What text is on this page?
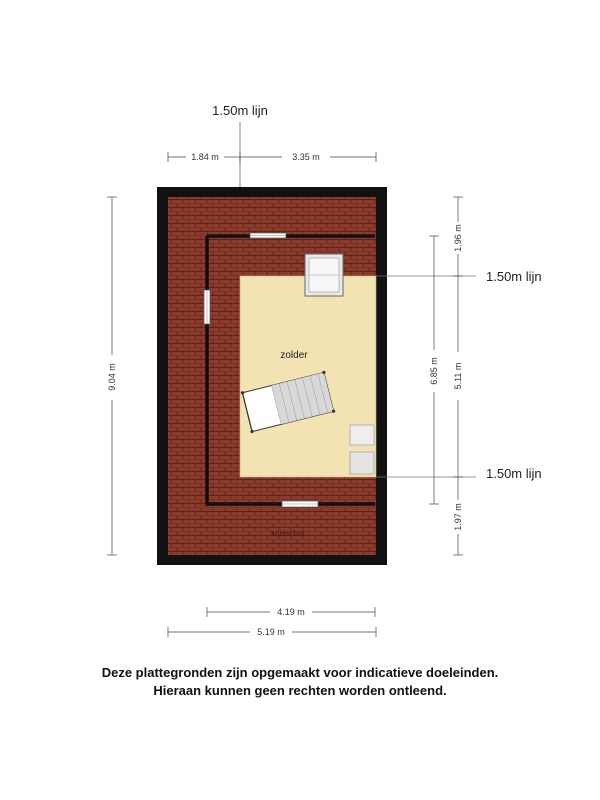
zolder
knieschot
1.50m lijn
1.84 m	3.35 m
9.04 m
1.50m lijn
1.50m lijn
6.85 m
1.96 m
5.11 m
1.97 m
4.19 m
5.19 m
Deze plattegronden zijn opgemaakt voor indicatieve doeleinden.
Hieraan kunnen geen rechten worden ontleend.
